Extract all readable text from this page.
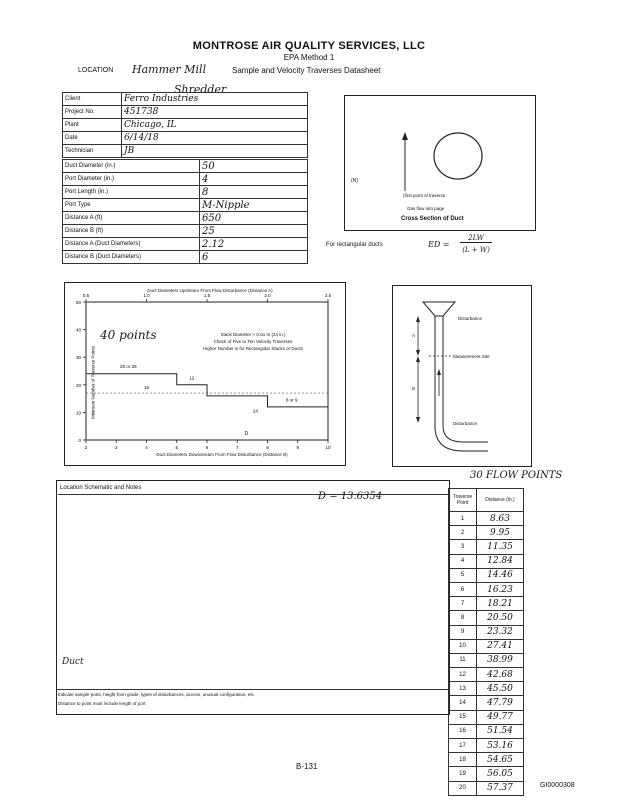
MONTROSE AIR QUALITY SERVICES, LLC
EPA Method 1
LOCATION Hammer Mill	Sample and Velocity Traverses Datasheet
Shredder
Client	Ferro Industries
Project No.	451738
Plant	Chicago, IL
Date	6/14/18
Technician	JB
Duct Diameter (in.)	50
Port Diameter (in.)	4
Port Length (in.)	8
Port Type	M-Nipple
Distance A (ft)	650
Distance B (ft)	25
Distance A (Duct Diameters)	2.12
Distance B (Duct Diameters)	6
(N)
(first point of traverse
Gas flow into page
Cross Section of Duct
For rectangular ducts	ED =
2LW
(L + W)
Duct Diameters Upstream From Flow Disturbance (Distance A)
50
40
30
20
10
0
2	3	4	5	6	7	8	9	10
0.5	1.0	1.5	2.0	2.5
20 or 25
16
12
8 or 9
24
D
Duct Diameters Downstream From Flow Disturbance (Distance B)
Minimum Number of Traverse Points
40 points
Higher Number is for Rectangular Stacks or Ducts
Stack Diameter > 0.61 m (24 in.)
Check of Five to Ten Velocity Traverses
Disturbance
Measurement Site
Disturbance
A
B
30 FLOW POINTS
Location Schematic and Notes
D = 13.6354
Duct
Indicate sample ports, height from grade, types of disturbances, access, unusual configuration, etc.
Distance to point must include length of port
Traverse Point	Distance (in.)
1	8.63
2	9.95
3	11.35
4	12.84
5	14.46
6	16.23
7	18.21
8	20.50
9	23.32
10	27.41
11	38.99
12	42.68
13	45.50
14	47.79
15	49.77
16	51.54
17	53.16
18	54.65
19	56.05
20	57.37
B-131
GI0000308
